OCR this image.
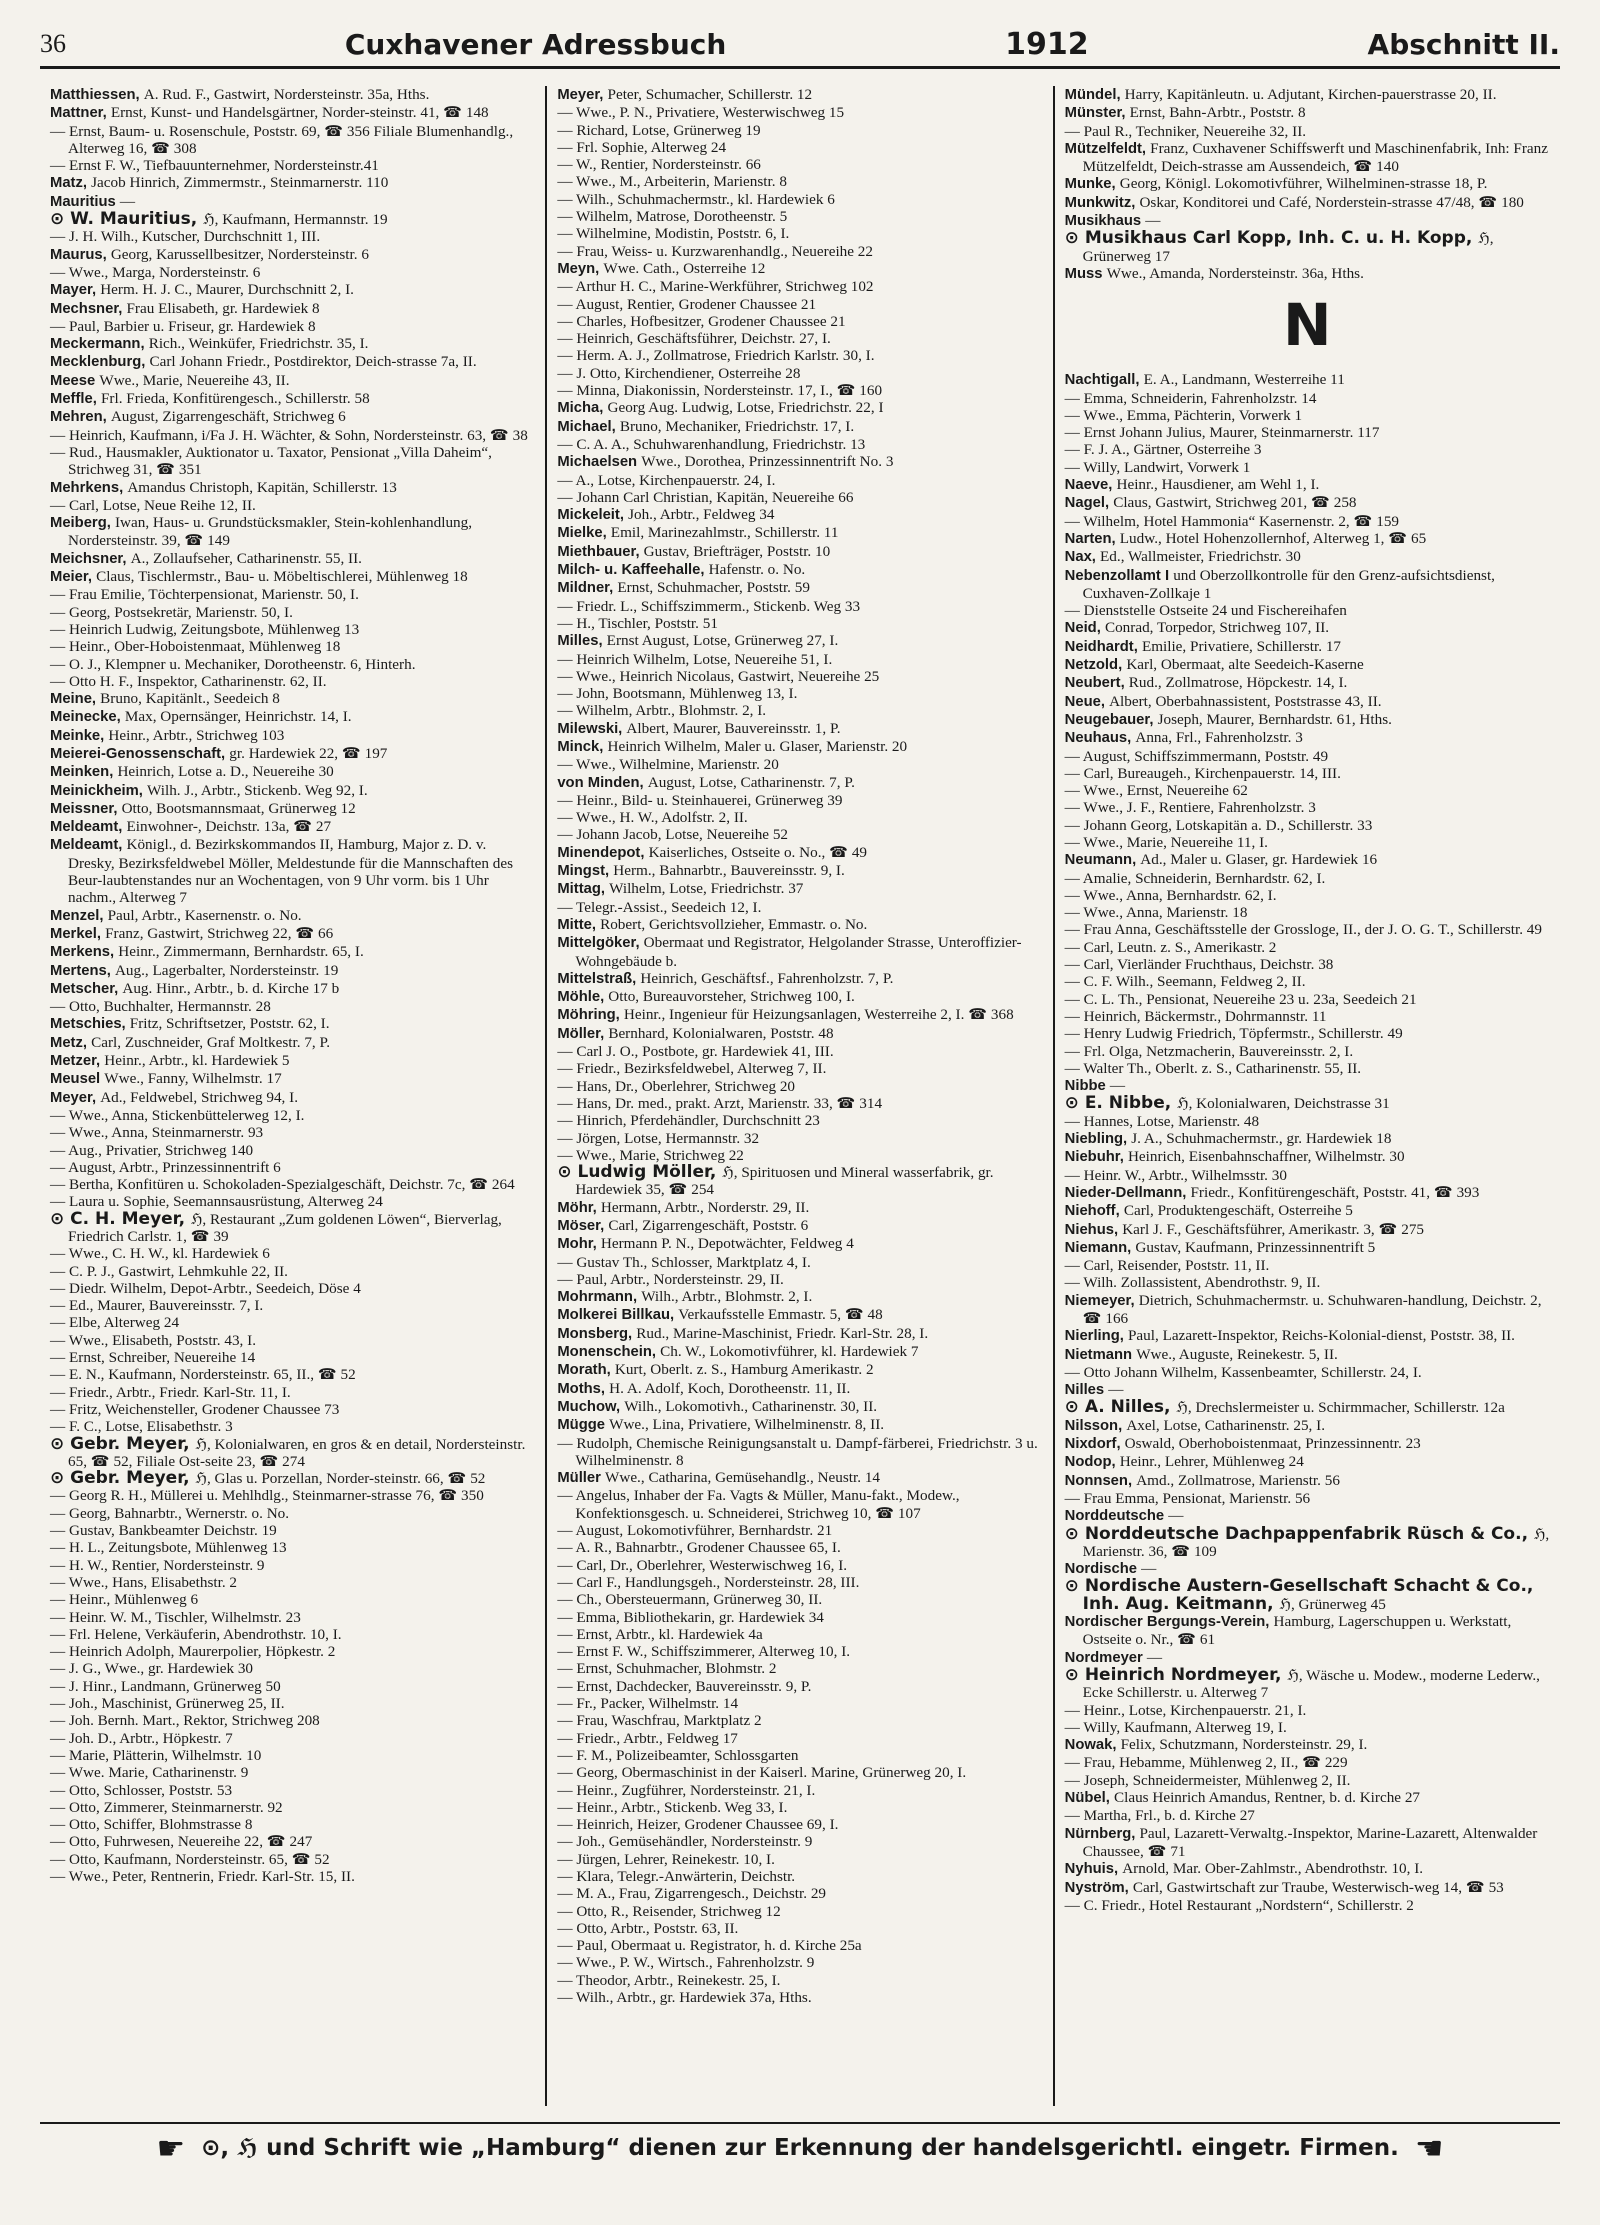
36	Cuxhavener Adressbuch	1912	Abschnitt II.

Matthiessen, A. Rud. F., Gastwirt, Nordersteinstr. 35a, Hths.

Mattner, Ernst, Kunst- und Handelsgärtner, Norder-steinstr. 41, ☎ 148

— Ernst, Baum- u. Rosenschule, Poststr. 69, ☎ 356 Filiale Blumenhandlg., Alterweg 16, ☎ 308

— Ernst F. W., Tiefbauunternehmer, Nordersteinstr.41

Matz, Jacob Hinrich, Zimmermstr., Steinmarnerstr. 110

Mauritius —

⊙ W. Mauritius, ℌ, Kaufmann, Hermannstr. 19

— J. H. Wilh., Kutscher, Durchschnitt 1, III.

Maurus, Georg, Karussellbesitzer, Nordersteinstr. 6

— Wwe., Marga, Nordersteinstr. 6

Mayer, Herm. H. J. C., Maurer, Durchschnitt 2, I.

Mechsner, Frau Elisabeth, gr. Hardewiek 8

— Paul, Barbier u. Friseur, gr. Hardewiek 8

Meckermann, Rich., Weinküfer, Friedrichstr. 35, I.

Mecklenburg, Carl Johann Friedr., Postdirektor, Deich-strasse 7a, II.

Meese Wwe., Marie, Neuereihe 43, II.

Meffle, Frl. Frieda, Konfitürengesch., Schillerstr. 58

Mehren, August, Zigarrengeschäft, Strichweg 6

— Heinrich, Kaufmann, i/Fa J. H. Wächter, & Sohn, Nordersteinstr. 63, ☎ 38

— Rud., Hausmakler, Auktionator u. Taxator, Pensionat „Villa Daheim“, Strichweg 31, ☎ 351

Mehrkens, Amandus Christoph, Kapitän, Schillerstr. 13

— Carl, Lotse, Neue Reihe 12, II.

Meiberg, Iwan, Haus- u. Grundstücksmakler, Stein-kohlenhandlung, Nordersteinstr. 39, ☎ 149

Meichsner, A., Zollaufseher, Catharinenstr. 55, II.

Meier, Claus, Tischlermstr., Bau- u. Möbeltischlerei, Mühlenweg 18

— Frau Emilie, Töchterpensionat, Marienstr. 50, I.

— Georg, Postsekretär, Marienstr. 50, I.

— Heinrich Ludwig, Zeitungsbote, Mühlenweg 13

— Heinr., Ober-Hoboistenmaat, Mühlenweg 18

— O. J., Klempner u. Mechaniker, Dorotheenstr. 6, Hinterh.

— Otto H. F., Inspektor, Catharinenstr. 62, II.

Meine, Bruno, Kapitänlt., Seedeich 8

Meinecke, Max, Opernsänger, Heinrichstr. 14, I.

Meinke, Heinr., Arbtr., Strichweg 103

Meierei-Genossenschaft, gr. Hardewiek 22, ☎ 197

Meinken, Heinrich, Lotse a. D., Neuereihe 30

Meinickheim, Wilh. J., Arbtr., Stickenb. Weg 92, I.

Meissner, Otto, Bootsmannsmaat, Grünerweg 12

Meldeamt, Einwohner-, Deichstr. 13a, ☎ 27

Meldeamt, Königl., d. Bezirkskommandos II, Hamburg, Major z. D. v. Dresky, Bezirksfeldwebel Möller, Meldestunde für die Mannschaften des Beur-laubtenstandes nur an Wochentagen, von 9 Uhr vorm. bis 1 Uhr nachm., Alterweg 7

Menzel, Paul, Arbtr., Kasernenstr. o. No.

Merkel, Franz, Gastwirt, Strichweg 22, ☎ 66

Merkens, Heinr., Zimmermann, Bernhardstr. 65, I.

Mertens, Aug., Lagerbalter, Nordersteinstr. 19

Metscher, Aug. Hinr., Arbtr., b. d. Kirche 17 b

— Otto, Buchhalter, Hermannstr. 28

Metschies, Fritz, Schriftsetzer, Poststr. 62, I.

Metz, Carl, Zuschneider, Graf Moltkestr. 7, P.

Metzer, Heinr., Arbtr., kl. Hardewiek 5

Meusel Wwe., Fanny, Wilhelmstr. 17

Meyer, Ad., Feldwebel, Strichweg 94, I.

— Wwe., Anna, Stickenbüttelerweg 12, I.

— Wwe., Anna, Steinmarnerstr. 93

— Aug., Privatier, Strichweg 140

— August, Arbtr., Prinzessinnentrift 6

— Bertha, Konfitüren u. Schokoladen-Spezialgeschäft, Deichstr. 7c, ☎ 264

— Laura u. Sophie, Seemannsausrüstung, Alterweg 24

⊙ C. H. Meyer, ℌ, Restaurant „Zum goldenen Löwen“, Bierverlag, Friedrich Carlstr. 1, ☎ 39

— Wwe., C. H. W., kl. Hardewiek 6

— C. P. J., Gastwirt, Lehmkuhle 22, II.

— Diedr. Wilhelm, Depot-Arbtr., Seedeich, Döse 4

— Ed., Maurer, Bauvereinsstr. 7, I.

— Elbe, Alterweg 24

— Wwe., Elisabeth, Poststr. 43, I.

— Ernst, Schreiber, Neuereihe 14

— E. N., Kaufmann, Nordersteinstr. 65, II., ☎ 52

— Friedr., Arbtr., Friedr. Karl-Str. 11, I.

— Fritz, Weichensteller, Grodener Chaussee 73

— F. C., Lotse, Elisabethstr. 3

⊙ Gebr. Meyer, ℌ, Kolonialwaren, en gros & en detail, Nordersteinstr. 65, ☎ 52, Filiale Ost-seite 23, ☎ 274

⊙ Gebr. Meyer, ℌ, Glas u. Porzellan, Norder-steinstr. 66, ☎ 52

— Georg R. H., Müllerei u. Mehlhdlg., Steinmarner-strasse 76, ☎ 350

— Georg, Bahnarbtr., Wernerstr. o. No.

— Gustav, Bankbeamter Deichstr. 19

— H. L., Zeitungsbote, Mühlenweg 13

— H. W., Rentier, Nordersteinstr. 9

— Wwe., Hans, Elisabethstr. 2

— Heinr., Mühlenweg 6

— Heinr. W. M., Tischler, Wilhelmstr. 23

— Frl. Helene, Verkäuferin, Abendrothstr. 10, I.

— Heinrich Adolph, Maurerpolier, Höpkestr. 2

— J. G., Wwe., gr. Hardewiek 30

— J. Hinr., Landmann, Grünerweg 50

— Joh., Maschinist, Grünerweg 25, II.

— Joh. Bernh. Mart., Rektor, Strichweg 208

— Joh. D., Arbtr., Höpkestr. 7

— Marie, Plätterin, Wilhelmstr. 10

— Wwe. Marie, Catharinenstr. 9

— Otto, Schlosser, Poststr. 53

— Otto, Zimmerer, Steinmarnerstr. 92

— Otto, Schiffer, Blohmstrasse 8

— Otto, Fuhrwesen, Neuereihe 22, ☎ 247

— Otto, Kaufmann, Nordersteinstr. 65, ☎ 52

— Wwe., Peter, Rentnerin, Friedr. Karl-Str. 15, II.

Meyer, Peter, Schumacher, Schillerstr. 12

— Wwe., P. N., Privatiere, Westerwischweg 15

— Richard, Lotse, Grünerweg 19

— Frl. Sophie, Alterweg 24

— W., Rentier, Nordersteinstr. 66

— Wwe., M., Arbeiterin, Marienstr. 8

— Wilh., Schuhmachermstr., kl. Hardewiek 6

— Wilhelm, Matrose, Dorotheenstr. 5

— Wilhelmine, Modistin, Poststr. 6, I.

— Frau, Weiss- u. Kurzwarenhandlg., Neuereihe 22

Meyn, Wwe. Cath., Osterreihe 12

— Arthur H. C., Marine-Werkführer, Strichweg 102

— August, Rentier, Grodener Chaussee 21

— Charles, Hofbesitzer, Grodener Chaussee 21

— Heinrich, Geschäftsführer, Deichstr. 27, I.

— Herm. A. J., Zollmatrose, Friedrich Karlstr. 30, I.

— J. Otto, Kirchendiener, Osterreihe 28

— Minna, Diakonissin, Nordersteinstr. 17, I., ☎ 160

Micha, Georg Aug. Ludwig, Lotse, Friedrichstr. 22, I

Michael, Bruno, Mechaniker, Friedrichstr. 17, I.

— C. A. A., Schuhwarenhandlung, Friedrichstr. 13

Michaelsen Wwe., Dorothea, Prinzessinnentrift No. 3

— A., Lotse, Kirchenpauerstr. 24, I.

— Johann Carl Christian, Kapitän, Neuereihe 66

Mickeleit, Joh., Arbtr., Feldweg 34

Mielke, Emil, Marinezahlmstr., Schillerstr. 11

Miethbauer, Gustav, Briefträger, Poststr. 10

Milch- u. Kaffeehalle, Hafenstr. o. No.

Mildner, Ernst, Schuhmacher, Poststr. 59

— Friedr. L., Schiffszimmerm., Stickenb. Weg 33

— H., Tischler, Poststr. 51

Milles, Ernst August, Lotse, Grünerweg 27, I.

— Heinrich Wilhelm, Lotse, Neuereihe 51, I.

— Wwe., Heinrich Nicolaus, Gastwirt, Neuereihe 25

— John, Bootsmann, Mühlenweg 13, I.

— Wilhelm, Arbtr., Blohmstr. 2, I.

Milewski, Albert, Maurer, Bauvereinsstr. 1, P.

Minck, Heinrich Wilhelm, Maler u. Glaser, Marienstr. 20

— Wwe., Wilhelmine, Marienstr. 20

von Minden, August, Lotse, Catharinenstr. 7, P.

— Heinr., Bild- u. Steinhauerei, Grünerweg 39

— Wwe., H. W., Adolfstr. 2, II.

— Johann Jacob, Lotse, Neuereihe 52

Minendepot, Kaiserliches, Ostseite o. No., ☎ 49

Mingst, Herm., Bahnarbtr., Bauvereinsstr. 9, I.

Mittag, Wilhelm, Lotse, Friedrichstr. 37

— Telegr.-Assist., Seedeich 12, I.

Mitte, Robert, Gerichtsvollzieher, Emmastr. o. No.

Mittelgöker, Obermaat und Registrator, Helgolander Strasse, Unteroffizier-Wohngebäude b.

Mittelstraß, Heinrich, Geschäftsf., Fahrenholzstr. 7, P.

Möhle, Otto, Bureauvorsteher, Strichweg 100, I.

Möhring, Heinr., Ingenieur für Heizungsanlagen, Westerreihe 2, I. ☎ 368

Möller, Bernhard, Kolonialwaren, Poststr. 48

— Carl J. O., Postbote, gr. Hardewiek 41, III.

— Friedr., Bezirksfeldwebel, Alterweg 7, II.

— Hans, Dr., Oberlehrer, Strichweg 20

— Hans, Dr. med., prakt. Arzt, Marienstr. 33, ☎ 314

— Hinrich, Pferdehändler, Durchschnitt 23

— Jörgen, Lotse, Hermannstr. 32

— Wwe., Marie, Strichweg 22

⊙ Ludwig Möller, ℌ, Spirituosen und Mineral wasserfabrik, gr. Hardewiek 35, ☎ 254

Möhr, Hermann, Arbtr., Norderstr. 29, II.

Möser, Carl, Zigarrengeschäft, Poststr. 6

Mohr, Hermann P. N., Depotwächter, Feldweg 4

— Gustav Th., Schlosser, Marktplatz 4, I.

— Paul, Arbtr., Nordersteinstr. 29, II.

Mohrmann, Wilh., Arbtr., Blohmstr. 2, I.

Molkerei Billkau, Verkaufsstelle Emmastr. 5, ☎ 48

Monsberg, Rud., Marine-Maschinist, Friedr. Karl-Str. 28, I.

Monenschein, Ch. W., Lokomotivführer, kl. Hardewiek 7

Morath, Kurt, Oberlt. z. S., Hamburg Amerikastr. 2

Moths, H. A. Adolf, Koch, Dorotheenstr. 11, II.

Muchow, Wilh., Lokomotivh., Catharinenstr. 30, II.

Mügge Wwe., Lina, Privatiere, Wilhelminenstr. 8, II.

— Rudolph, Chemische Reinigungsanstalt u. Dampf-färberei, Friedrichstr. 3 u. Wilhelminenstr. 8

Müller Wwe., Catharina, Gemüsehandlg., Neustr. 14

— Angelus, Inhaber der Fa. Vagts & Müller, Manu-fakt., Modew., Konfektionsgesch. u. Schneiderei, Strichweg 10, ☎ 107

— August, Lokomotivführer, Bernhardstr. 21

— A. R., Bahnarbtr., Grodener Chaussee 65, I.

— Carl, Dr., Oberlehrer, Westerwischweg 16, I.

— Carl F., Handlungsgeh., Nordersteinstr. 28, III.

— Ch., Obersteuermann, Grünerweg 30, II.

— Emma, Bibliothekarin, gr. Hardewiek 34

— Ernst, Arbtr., kl. Hardewiek 4a

— Ernst F. W., Schiffszimmerer, Alterweg 10, I.

— Ernst, Schuhmacher, Blohmstr. 2

— Ernst, Dachdecker, Bauvereinsstr. 9, P.

— Fr., Packer, Wilhelmstr. 14

— Frau, Waschfrau, Marktplatz 2

— Friedr., Arbtr., Feldweg 17

— F. M., Polizeibeamter, Schlossgarten

— Georg, Obermaschinist in der Kaiserl. Marine, Grünerweg 20, I.

— Heinr., Zugführer, Nordersteinstr. 21, I.

— Heinr., Arbtr., Stickenb. Weg 33, I.

— Heinrich, Heizer, Grodener Chaussee 69, I.

— Joh., Gemüsehändler, Nordersteinstr. 9

— Jürgen, Lehrer, Reinekestr. 10, I.

— Klara, Telegr.-Anwärterin, Deichstr.

— M. A., Frau, Zigarrengesch., Deichstr. 29

— Otto, R., Reisender, Strichweg 12

— Otto, Arbtr., Poststr. 63, II.

— Paul, Obermaat u. Registrator, h. d. Kirche 25a

— Wwe., P. W., Wirtsch., Fahrenholzstr. 9

— Theodor, Arbtr., Reinekestr. 25, I.

— Wilh., Arbtr., gr. Hardewiek 37a, Hths.

Mündel, Harry, Kapitänleutn. u. Adjutant, Kirchen-pauerstrasse 20, II.

Münster, Ernst, Bahn-Arbtr., Poststr. 8

— Paul R., Techniker, Neuereihe 32, II.

Mützelfeldt, Franz, Cuxhavener Schiffswerft und Maschinenfabrik, Inh: Franz Mützelfeldt, Deich-strasse am Aussendeich, ☎ 140

Munke, Georg, Königl. Lokomotivführer, Wilhelminen-strasse 18, P.

Munkwitz, Oskar, Konditorei und Café, Norderstein-strasse 47/48, ☎ 180

Musikhaus —

⊙ Musikhaus Carl Kopp, Inh. C. u. H. Kopp, ℌ, Grünerweg 17

Muss Wwe., Amanda, Nordersteinstr. 36a, Hths.

N

Nachtigall, E. A., Landmann, Westerreihe 11

— Emma, Schneiderin, Fahrenholzstr. 14

— Wwe., Emma, Pächterin, Vorwerk 1

— Ernst Johann Julius, Maurer, Steinmarnerstr. 117

— F. J. A., Gärtner, Osterreihe 3

— Willy, Landwirt, Vorwerk 1

Naeve, Heinr., Hausdiener, am Wehl 1, I.

Nagel, Claus, Gastwirt, Strichweg 201, ☎ 258

— Wilhelm, Hotel Hammonia“ Kasernenstr. 2, ☎ 159

Narten, Ludw., Hotel Hohenzollernhof, Alterweg 1, ☎ 65

Nax, Ed., Wallmeister, Friedrichstr. 30

Nebenzollamt I und Oberzollkontrolle für den Grenz-aufsichtsdienst, Cuxhaven-Zollkaje 1

— Dienststelle Ostseite 24 und Fischereihafen

Neid, Conrad, Torpedor, Strichweg 107, II.

Neidhardt, Emilie, Privatiere, Schillerstr. 17

Netzold, Karl, Obermaat, alte Seedeich-Kaserne

Neubert, Rud., Zollmatrose, Höpckestr. 14, I.

Neue, Albert, Oberbahnassistent, Poststrasse 43, II.

Neugebauer, Joseph, Maurer, Bernhardstr. 61, Hths.

Neuhaus, Anna, Frl., Fahrenholzstr. 3

— August, Schiffszimmermann, Poststr. 49

— Carl, Bureaugeh., Kirchenpauerstr. 14, III.

— Wwe., Ernst, Neuereihe 62

— Wwe., J. F., Rentiere, Fahrenholzstr. 3

— Johann Georg, Lotskapitän a. D., Schillerstr. 33

— Wwe., Marie, Neuereihe 11, I.

Neumann, Ad., Maler u. Glaser, gr. Hardewiek 16

— Amalie, Schneiderin, Bernhardstr. 62, I.

— Wwe., Anna, Bernhardstr. 62, I.

— Wwe., Anna, Marienstr. 18

— Frau Anna, Geschäftsstelle der Grossloge, II., der J. O. G. T., Schillerstr. 49

— Carl, Leutn. z. S., Amerikastr. 2

— Carl, Vierländer Fruchthaus, Deichstr. 38

— C. F. Wilh., Seemann, Feldweg 2, II.

— C. L. Th., Pensionat, Neuereihe 23 u. 23a, Seedeich 21

— Heinrich, Bäckermstr., Dohrmannstr. 11

— Henry Ludwig Friedrich, Töpfermstr., Schillerstr. 49

— Frl. Olga, Netzmacherin, Bauvereinsstr. 2, I.

— Walter Th., Oberlt. z. S., Catharinenstr. 55, II.

Nibbe —

⊙ E. Nibbe, ℌ, Kolonialwaren, Deichstrasse 31

— Hannes, Lotse, Marienstr. 48

Niebling, J. A., Schuhmachermstr., gr. Hardewiek 18

Niebuhr, Heinrich, Eisenbahnschaffner, Wilhelmstr. 30

— Heinr. W., Arbtr., Wilhelmsstr. 30

Nieder-Dellmann, Friedr., Konfitürengeschäft, Poststr. 41, ☎ 393

Niehoff, Carl, Produktengeschäft, Osterreihe 5

Niehus, Karl J. F., Geschäftsführer, Amerikastr. 3, ☎ 275

Niemann, Gustav, Kaufmann, Prinzessinnentrift 5

— Carl, Reisender, Poststr. 11, II.

— Wilh. Zollassistent, Abendrothstr. 9, II.

Niemeyer, Dietrich, Schuhmachermstr. u. Schuhwaren-handlung, Deichstr. 2, ☎ 166

Nierling, Paul, Lazarett-Inspektor, Reichs-Kolonial-dienst, Poststr. 38, II.

Nietmann Wwe., Auguste, Reinekestr. 5, II.

— Otto Johann Wilhelm, Kassenbeamter, Schillerstr. 24, I.

Nilles —

⊙ A. Nilles, ℌ, Drechslermeister u. Schirmmacher, Schillerstr. 12a

Nilsson, Axel, Lotse, Catharinenstr. 25, I.

Nixdorf, Oswald, Oberhoboistenmaat, Prinzessinnentr. 23

Nodop, Heinr., Lehrer, Mühlenweg 24

Nonnsen, Amd., Zollmatrose, Marienstr. 56

— Frau Emma, Pensionat, Marienstr. 56

Norddeutsche —

⊙ Norddeutsche Dachpappenfabrik Rüsch & Co., ℌ, Marienstr. 36, ☎ 109

Nordische —

⊙ Nordische Austern-Gesellschaft Schacht & Co., Inh. Aug. Keitmann, ℌ, Grünerweg 45

Nordischer Bergungs-Verein, Hamburg, Lagerschuppen u. Werkstatt, Ostseite o. Nr., ☎ 61

Nordmeyer —

⊙ Heinrich Nordmeyer, ℌ, Wäsche u. Modew., moderne Lederw., Ecke Schillerstr. u. Alterweg 7

— Heinr., Lotse, Kirchenpauerstr. 21, I.

— Willy, Kaufmann, Alterweg 19, I.

Nowak, Felix, Schutzmann, Nordersteinstr. 29, I.

— Frau, Hebamme, Mühlenweg 2, II., ☎ 229

— Joseph, Schneidermeister, Mühlenweg 2, II.

Nübel, Claus Heinrich Amandus, Rentner, b. d. Kirche 27

— Martha, Frl., b. d. Kirche 27

Nürnberg, Paul, Lazarett-Verwaltg.-Inspektor, Marine-Lazarett, Altenwalder Chaussee, ☎ 71

Nyhuis, Arnold, Mar. Ober-Zahlmstr., Abendrothstr. 10, I.

Nyström, Carl, Gastwirtschaft zur Traube, Westerwisch-weg 14, ☎ 53

— C. Friedr., Hotel Restaurant „Nordstern“, Schillerstr. 2

☛ ⊙, ℌ und Schrift wie „Hamburg“ dienen zur Erkennung der handelsgerichtl. eingetr. Firmen. ☚
